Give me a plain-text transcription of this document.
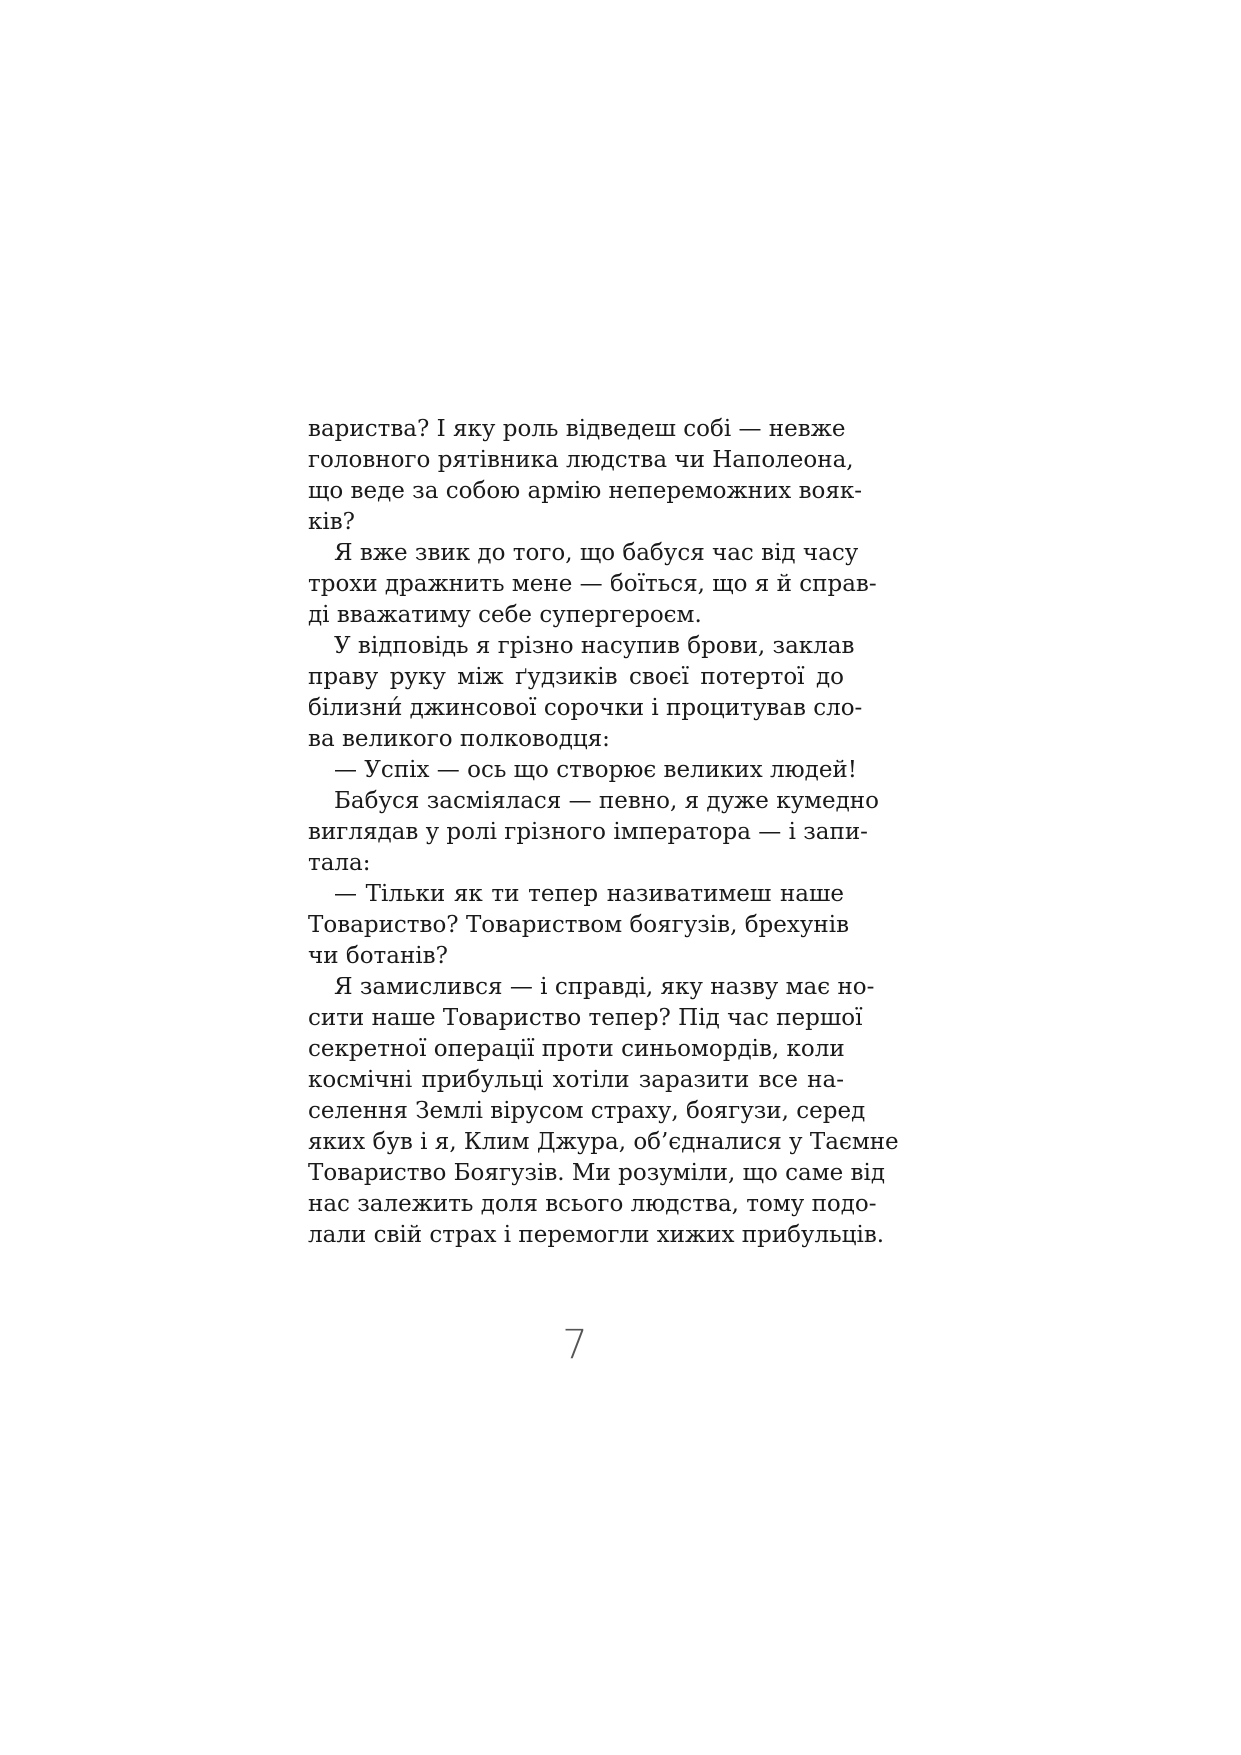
вариства? І яку роль відведеш собі — невже
головного рятівника людства чи Наполеона,
що веде за собою армію непереможних вояк-
ків?
Я вже звик до того, що бабуся час від часу
трохи дражнить мене — боїться, що я й справ-
ді вважатиму себе супергероєм.
У відповідь я грізно насупив брови, заклав
праву руку між ґудзиків своєї потертої до
білизни́ джинсової сорочки і процитував сло-
ва великого полководця:
— Успіх — ось що створює великих людей!
Бабуся засміялася — певно, я дуже кумедно
виглядав у ролі грізного імператора — і запи-
тала:
— Тільки як ти тепер називатимеш наше
Товариство? Товариством боягузів, брехунів
чи ботанів?
Я замислився — і справді, яку назву має но-
сити наше Товариство тепер? Під час першої
секретної операції проти синьомордів, коли
космічні прибульці хотіли заразити все на-
селення Землі вірусом страху, боягузи, серед
яких був і я, Клим Джура, об’єдналися у Таємне
Товариство Боягузів. Ми розуміли, що саме від
нас залежить доля всього людства, тому подо-
лали свій страх і перемогли хижих прибульців.
7
